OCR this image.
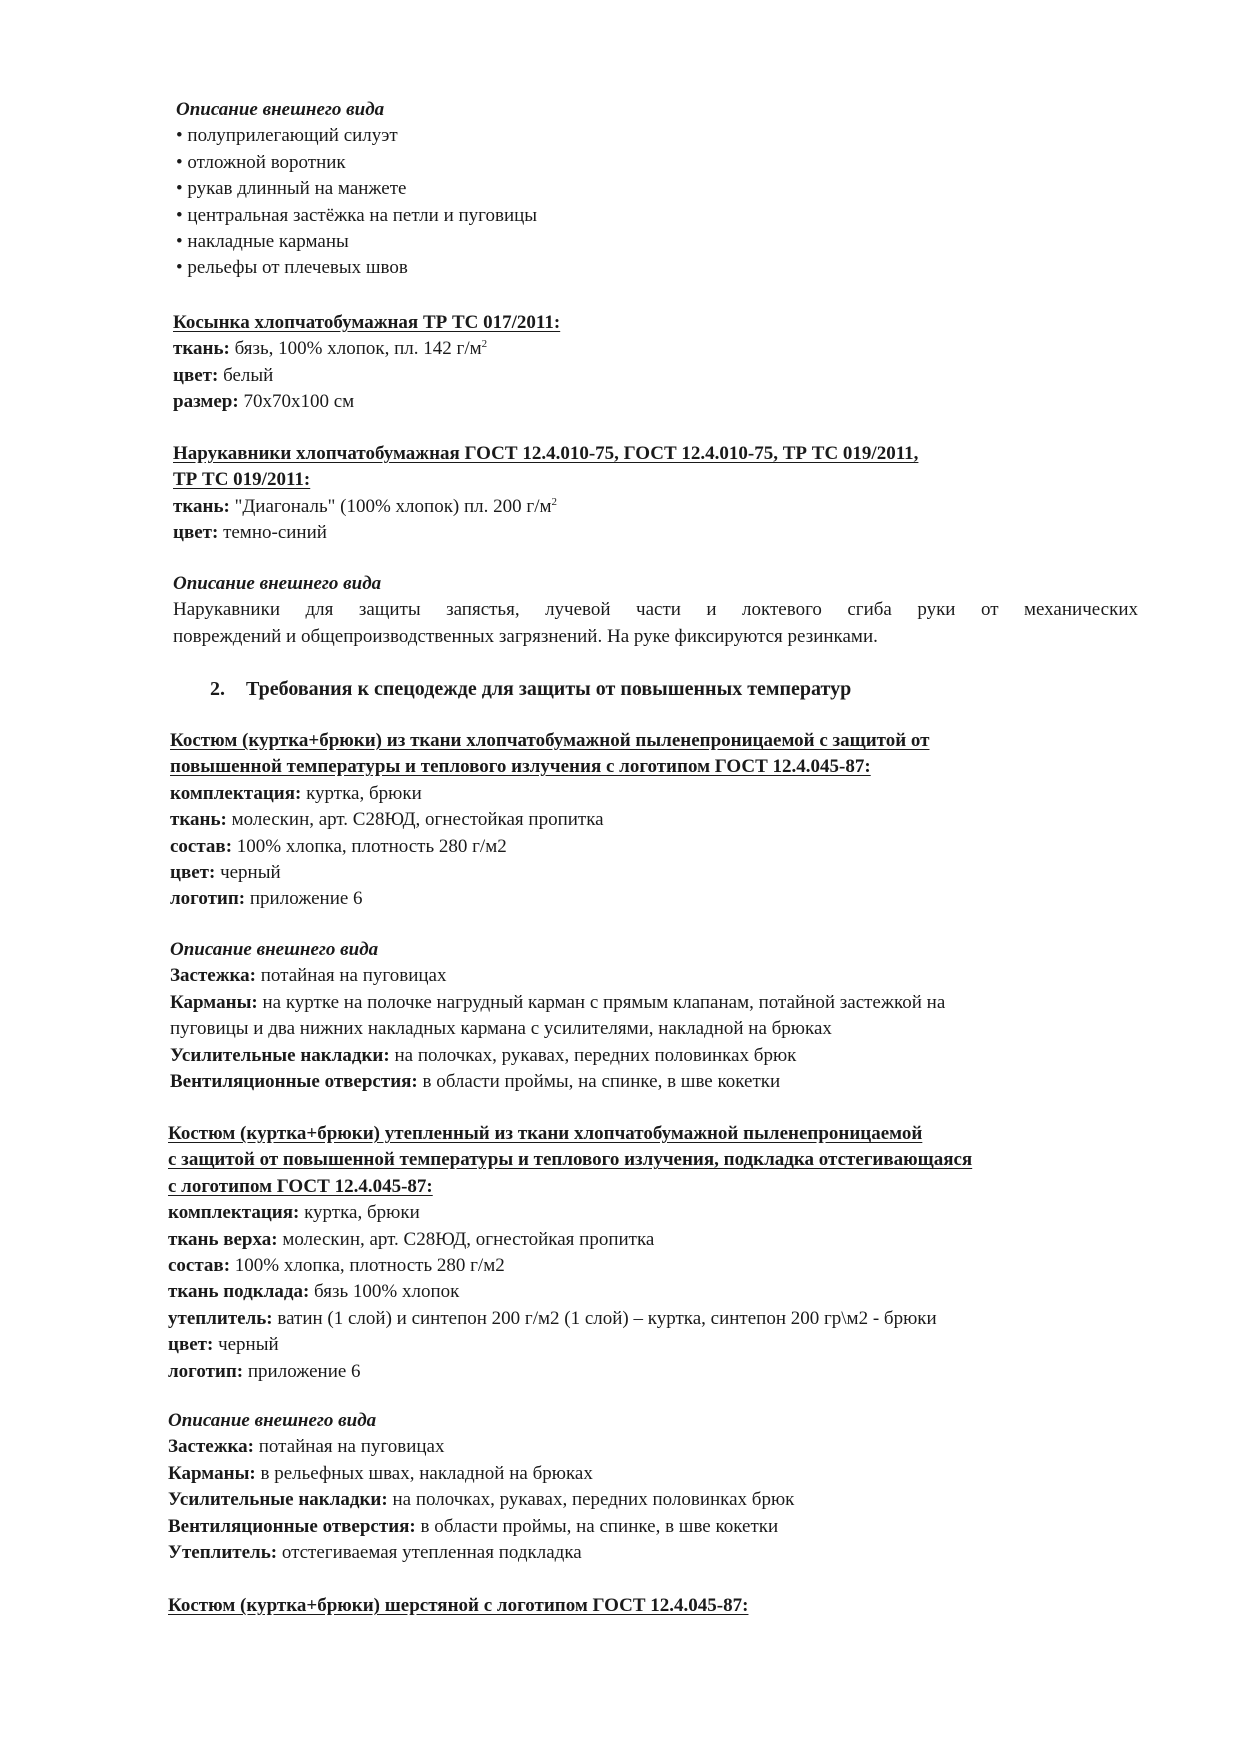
Описание внешнего вида
• полуприлегающий силуэт
• отложной воротник
• рукав длинный на манжете
• центральная застёжка на петли и пуговицы
• накладные карманы
• рельефы от плечевых швов
Косынка хлопчатобумажная ТР ТС 017/2011:
ткань: бязь, 100% хлопок, пл. 142 $г/м^2$
цвет: белый
размер: 70х70х100 см
Нарукавники хлопчатобумажная ГОСТ 12.4.010-75, ГОСТ 12.4.010-75, ТР ТС 019/2011,
ТР ТС 019/2011:
ткань: "Диагональ" (100% хлопок) пл. 200 $г/м^2$
цвет: темно-синий
Описание внешнего вида
Нарукавники для защиты запястья, лучевой части и локтевого сгиба руки от механических
повреждений и общепроизводственных загрязнений. На руке фиксируются резинками.
2. Требования к спецодежде для защиты от повышенных температур
Костюм (куртка+брюки) из ткани хлопчатобумажной пыленепроницаемой с защитой от
повышенной температуры и теплового излучения с логотипом ГОСТ 12.4.045-87:
комплектация: куртка, брюки
ткань: молескин, арт. С28ЮД, огнестойкая пропитка
состав: 100% хлопка, плотность 280 г/м2
цвет: черный
логотип: приложение 6
Описание внешнего вида
Застежка: потайная на пуговицах
Карманы: на куртке на полочке нагрудный карман с прямым клапанам, потайной застежкой на
пуговицы и два нижних накладных кармана с усилителями, накладной на брюках
Усилительные накладки: на полочках, рукавах, передних половинках брюк
Вентиляционные отверстия: в области проймы, на спинке, в шве кокетки
Костюм (куртка+брюки) утепленный из ткани хлопчатобумажной пыленепроницаемой
с защитой от повышенной температуры и теплового излучения, подкладка отстегивающаяся
с логотипом ГОСТ 12.4.045-87:
комплектация: куртка, брюки
ткань верха: молескин, арт. С28ЮД, огнестойкая пропитка
состав: 100% хлопка, плотность 280 г/м2
ткань подклада: бязь 100% хлопок
утеплитель: ватин (1 слой) и синтепон 200 г/м2 (1 слой) – куртка, синтепон 200 гр\м2 - брюки
цвет: черный
логотип: приложение 6
Описание внешнего вида
Застежка: потайная на пуговицах
Карманы: в рельефных швах, накладной на брюках
Усилительные накладки: на полочках, рукавах, передних половинках брюк
Вентиляционные отверстия: в области проймы, на спинке, в шве кокетки
Утеплитель: отстегиваемая утепленная подкладка
Костюм (куртка+брюки) шерстяной с логотипом ГОСТ 12.4.045-87:
